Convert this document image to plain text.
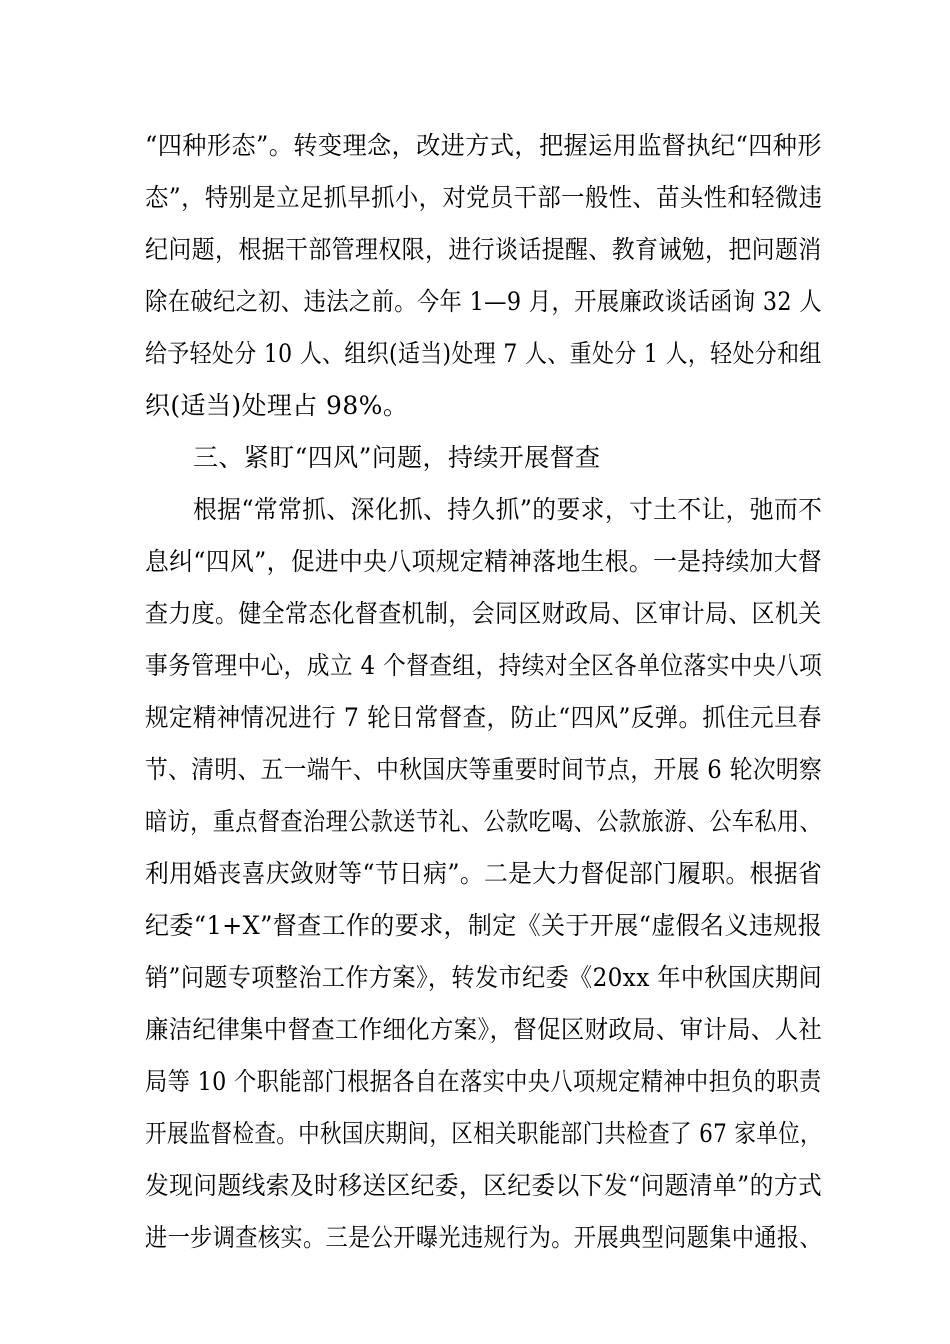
“四种形态”。转变理念，改进方式，把握运用监督执纪“四种形
态”，特别是立足抓早抓小，对党员干部一般性、苗头性和轻微违
纪问题，根据干部管理权限，进行谈话提醒、教育诫勉，把问题消
除在破纪之初、违法之前。今年 1—9 月，开展廉政谈话函询 32 人
给予轻处分 10 人、组织(适当)处理 7 人、重处分 1 人，轻处分和组
织(适当)处理占 98%。
三、紧盯“四风”问题，持续开展督查
根据“常常抓、深化抓、持久抓”的要求，寸土不让，弛而不
息纠“四风”，促进中央八项规定精神落地生根。一是持续加大督
查力度。健全常态化督查机制，会同区财政局、区审计局、区机关
事务管理中心，成立 4 个督查组，持续对全区各单位落实中央八项
规定精神情况进行 7 轮日常督查，防止“四风”反弹。抓住元旦春
节、清明、五一端午、中秋国庆等重要时间节点，开展 6 轮次明察
暗访，重点督查治理公款送节礼、公款吃喝、公款旅游、公车私用、
利用婚丧喜庆敛财等“节日病”。二是大力督促部门履职。根据省
纪委“1+X”督查工作的要求，制定《关于开展“虚假名义违规报
销”问题专项整治工作方案》，转发市纪委《20xx 年中秋国庆期间
廉洁纪律集中督查工作细化方案》，督促区财政局、审计局、人社
局等 10 个职能部门根据各自在落实中央八项规定精神中担负的职责
开展监督检查。中秋国庆期间，区相关职能部门共检查了 67 家单位，
发现问题线索及时移送区纪委，区纪委以下发“问题清单”的方式
进一步调查核实。三是公开曝光违规行为。开展典型问题集中通报、
